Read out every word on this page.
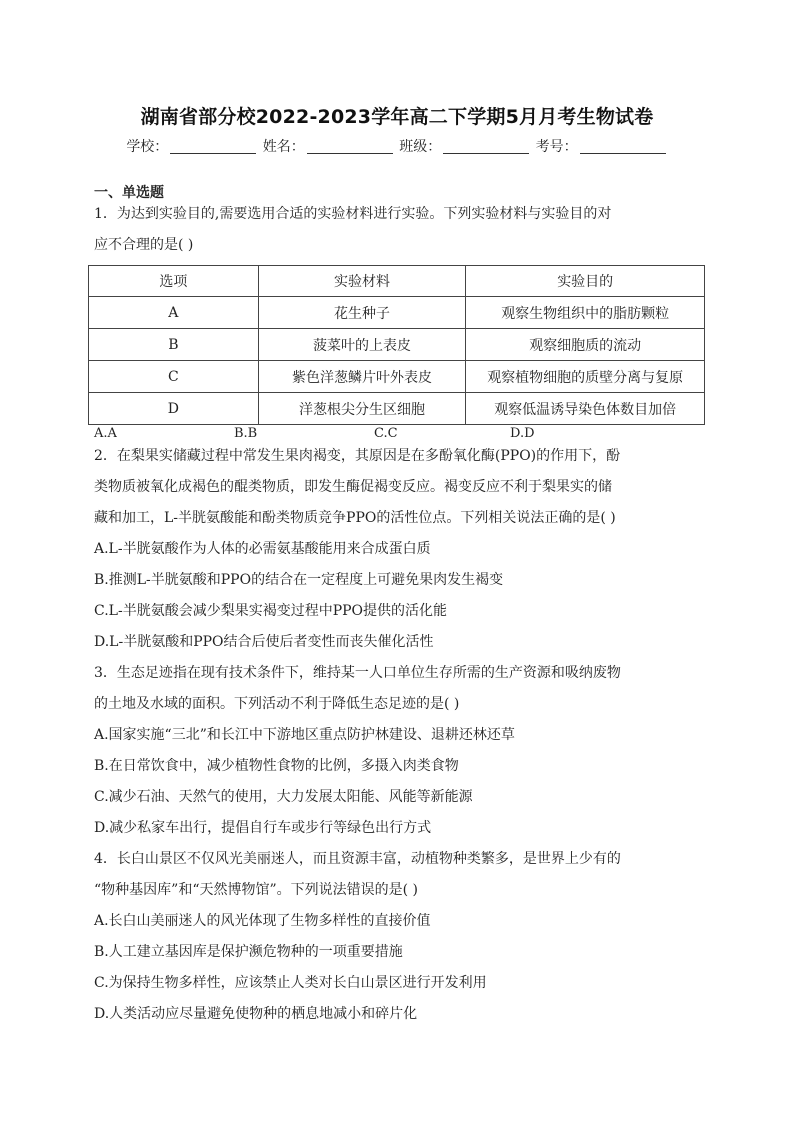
湖南省部分校2022-2023学年高二下学期5月月考生物试卷
学校：	姓名：	班级：	考号：
一、单选题
1．为达到实验目的,需要选用合适的实验材料进行实验。下列实验材料与实验目的对
应不合理的是( )
选项	实验材料	实验目的
A	花生种子	观察生物组织中的脂肪颗粒
B	菠菜叶的上表皮	观察细胞质的流动
C	紫色洋葱鳞片叶外表皮	观察植物细胞的质壁分离与复原
D	洋葱根尖分生区细胞	观察低温诱导染色体数目加倍
A.A	B.B	C.C	D.D
2．在梨果实储藏过程中常发生果肉褐变，其原因是在多酚氧化酶(PPO)的作用下，酚
类物质被氧化成褐色的醌类物质，即发生酶促褐变反应。褐变反应不利于梨果实的储
藏和加工，L-半胱氨酸能和酚类物质竞争PPO的活性位点。下列相关说法正确的是( )
A.L-半胱氨酸作为人体的必需氨基酸能用来合成蛋白质
B.推测L-半胱氨酸和PPO的结合在一定程度上可避免果肉发生褐变
C.L-半胱氨酸会减少梨果实褐变过程中PPO提供的活化能
D.L-半胱氨酸和PPO结合后使后者变性而丧失催化活性
3．生态足迹指在现有技术条件下，维持某一人口单位生存所需的生产资源和吸纳废物
的土地及水域的面积。下列活动不利于降低生态足迹的是( )
A.国家实施“三北”和长江中下游地区重点防护林建设、退耕还林还草
B.在日常饮食中，减少植物性食物的比例，多摄入肉类食物
C.减少石油、天然气的使用，大力发展太阳能、风能等新能源
D.减少私家车出行，提倡自行车或步行等绿色出行方式
4．长白山景区不仅风光美丽迷人，而且资源丰富，动植物种类繁多，是世界上少有的
“物种基因库”和“天然博物馆”。下列说法错误的是( )
A.长白山美丽迷人的风光体现了生物多样性的直接价值
B.人工建立基因库是保护濒危物种的一项重要措施
C.为保持生物多样性，应该禁止人类对长白山景区进行开发利用
D.人类活动应尽量避免使物种的栖息地减小和碎片化
